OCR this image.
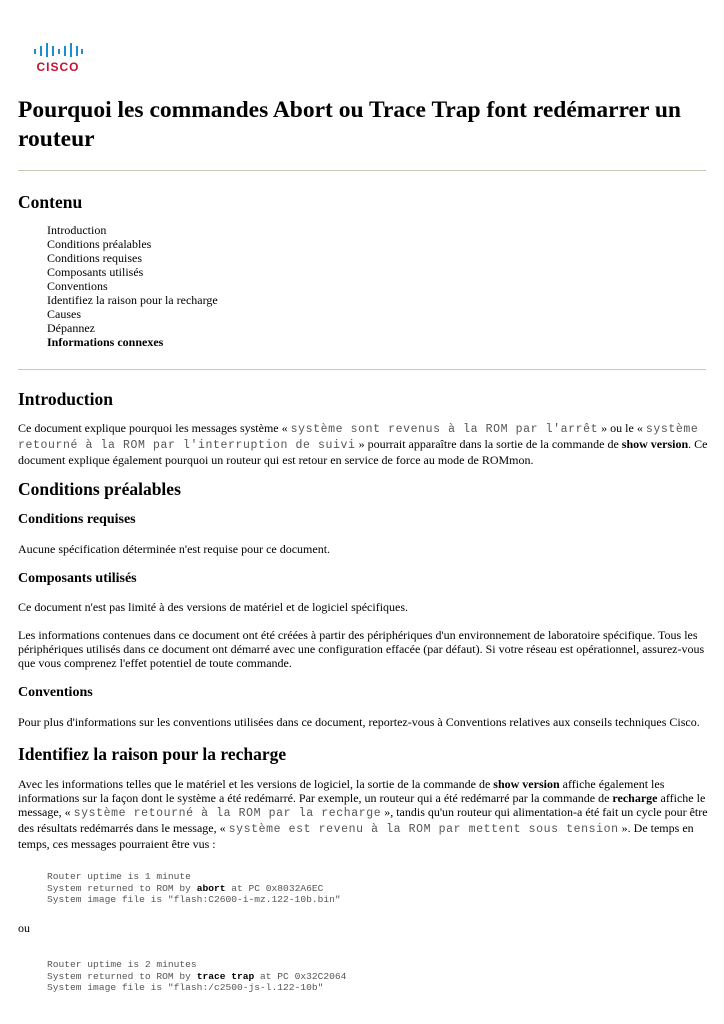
CISCO
Pourquoi les commandes Abort ou Trace Trap font redémarrer un routeur
Contenu
Introduction
Conditions préalables
Conditions requises
Composants utilisés
Conventions
Identifiez la raison pour la recharge
Causes
Dépannez
Informations connexes
Introduction

Ce document explique pourquoi les messages système « système sont revenus à la ROM par l'arrêt » ou le « système retourné à la ROM par l'interruption de suivi » pourrait apparaître dans la sortie de la commande de show version. Ce document explique également pourquoi un routeur qui est retour en service de force au mode de ROMmon.

Conditions préalables
Conditions requises

Aucune spécification déterminée n'est requise pour ce document.

Composants utilisés

Ce document n'est pas limité à des versions de matériel et de logiciel spécifiques.

Les informations contenues dans ce document ont été créées à partir des périphériques d'un environnement de laboratoire spécifique. Tous les périphériques utilisés dans ce document ont démarré avec une configuration effacée (par défaut). Si votre réseau est opérationnel, assurez-vous que vous comprenez l'effet potentiel de toute commande.

Conventions

Pour plus d'informations sur les conventions utilisées dans ce document, reportez-vous à Conventions relatives aux conseils techniques Cisco.

Identifiez la raison pour la recharge

Avec les informations telles que le matériel et les versions de logiciel, la sortie de la commande de show version affiche également les informations sur la façon dont le système a été redémarré. Par exemple, un routeur qui a été redémarré par la commande de recharge affiche le message, « système retourné à la ROM par la recharge », tandis qu'un routeur qui alimentation-a été fait un cycle pour être des résultats redémarrés dans le message, « système est revenu à la ROM par mettent sous tension ». De temps en temps, ces messages pourraient être vus :

Router uptime is 1 minute
System returned to ROM by abort at PC 0x8032A6EC
System image file is "flash:C2600-i-mz.122-10b.bin"

ou

Router uptime is 2 minutes
System returned to ROM by trace trap at PC 0x32C2064
System image file is "flash:/c2500-js-l.122-10b"
